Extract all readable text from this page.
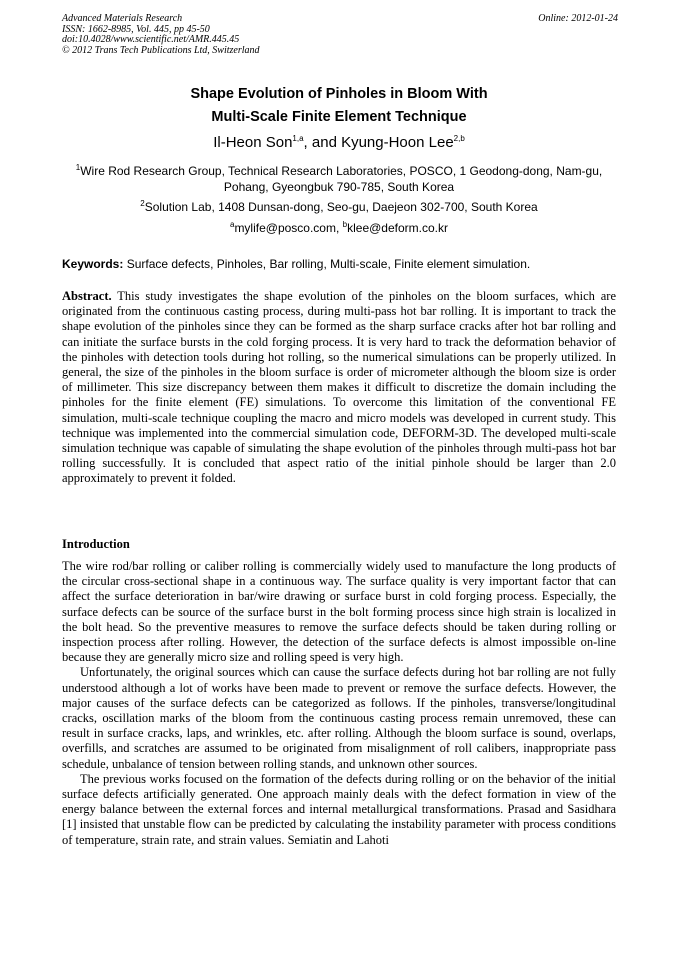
Advanced Materials Research
ISSN: 1662-8985, Vol. 445, pp 45-50
doi:10.4028/www.scientific.net/AMR.445.45
© 2012 Trans Tech Publications Ltd, Switzerland
Online: 2012-01-24
Shape Evolution of Pinholes in Bloom With
Multi-Scale Finite Element Technique
Il-Heon Son$^{1,a}$, and Kyung-Hoon Lee$^{2,b}$
$^1$Wire Rod Research Group, Technical Research Laboratories, POSCO, 1 Geodong-dong, Nam-gu, Pohang, Gyeongbuk 790-785, South Korea
$^2$Solution Lab, 1408 Dunsan-dong, Seo-gu, Daejeon 302-700, South Korea
$^a$mylife@posco.com, $^b$klee@deform.co.kr
Keywords: Surface defects, Pinholes, Bar rolling, Multi-scale, Finite element simulation.
Abstract. This study investigates the shape evolution of the pinholes on the bloom surfaces, which are originated from the continuous casting process, during multi-pass hot bar rolling. It is important to track the shape evolution of the pinholes since they can be formed as the sharp surface cracks after hot bar rolling and can initiate the surface bursts in the cold forging process. It is very hard to track the deformation behavior of the pinholes with detection tools during hot rolling, so the numerical simulations can be properly utilized. In general, the size of the pinholes in the bloom surface is order of micrometer although the bloom size is order of millimeter. This size discrepancy between them makes it difficult to discretize the domain including the pinholes for the finite element (FE) simulations. To overcome this limitation of the conventional FE simulation, multi-scale technique coupling the macro and micro models was developed in current study. This technique was implemented into the commercial simulation code, DEFORM-3D. The developed multi-scale simulation technique was capable of simulating the shape evolution of the pinholes through multi-pass hot bar rolling successfully. It is concluded that aspect ratio of the initial pinhole should be larger than 2.0 approximately to prevent it folded.
Introduction

The wire rod/bar rolling or caliber rolling is commercially widely used to manufacture the long products of the circular cross-sectional shape in a continuous way. The surface quality is very important factor that can affect the surface deterioration in bar/wire drawing or surface burst in cold forging process. Especially, the surface defects can be source of the surface burst in the bolt forming process since high strain is localized in the bolt head. So the preventive measures to remove the surface defects should be taken during rolling or inspection process after rolling. However, the detection of the surface defects is almost impossible on-line because they are generally micro size and rolling speed is very high.

Unfortunately, the original sources which can cause the surface defects during hot bar rolling are not fully understood although a lot of works have been made to prevent or remove the surface defects. However, the major causes of the surface defects can be categorized as follows. If the pinholes, transverse/longitudinal cracks, oscillation marks of the bloom from the continuous casting process remain unremoved, these can result in surface cracks, laps, and wrinkles, etc. after rolling. Although the bloom surface is sound, overlaps, overfills, and scratches are assumed to be originated from misalignment of roll calibers, inappropriate pass schedule, unbalance of tension between rolling stands, and unknown other sources.

The previous works focused on the formation of the defects during rolling or on the behavior of the initial surface defects artificially generated. One approach mainly deals with the defect formation in view of the energy balance between the external forces and internal metallurgical transformations. Prasad and Sasidhara [1] insisted that unstable flow can be predicted by calculating the instability parameter with process conditions of temperature, strain rate, and strain values. Semiatin and Lahoti
